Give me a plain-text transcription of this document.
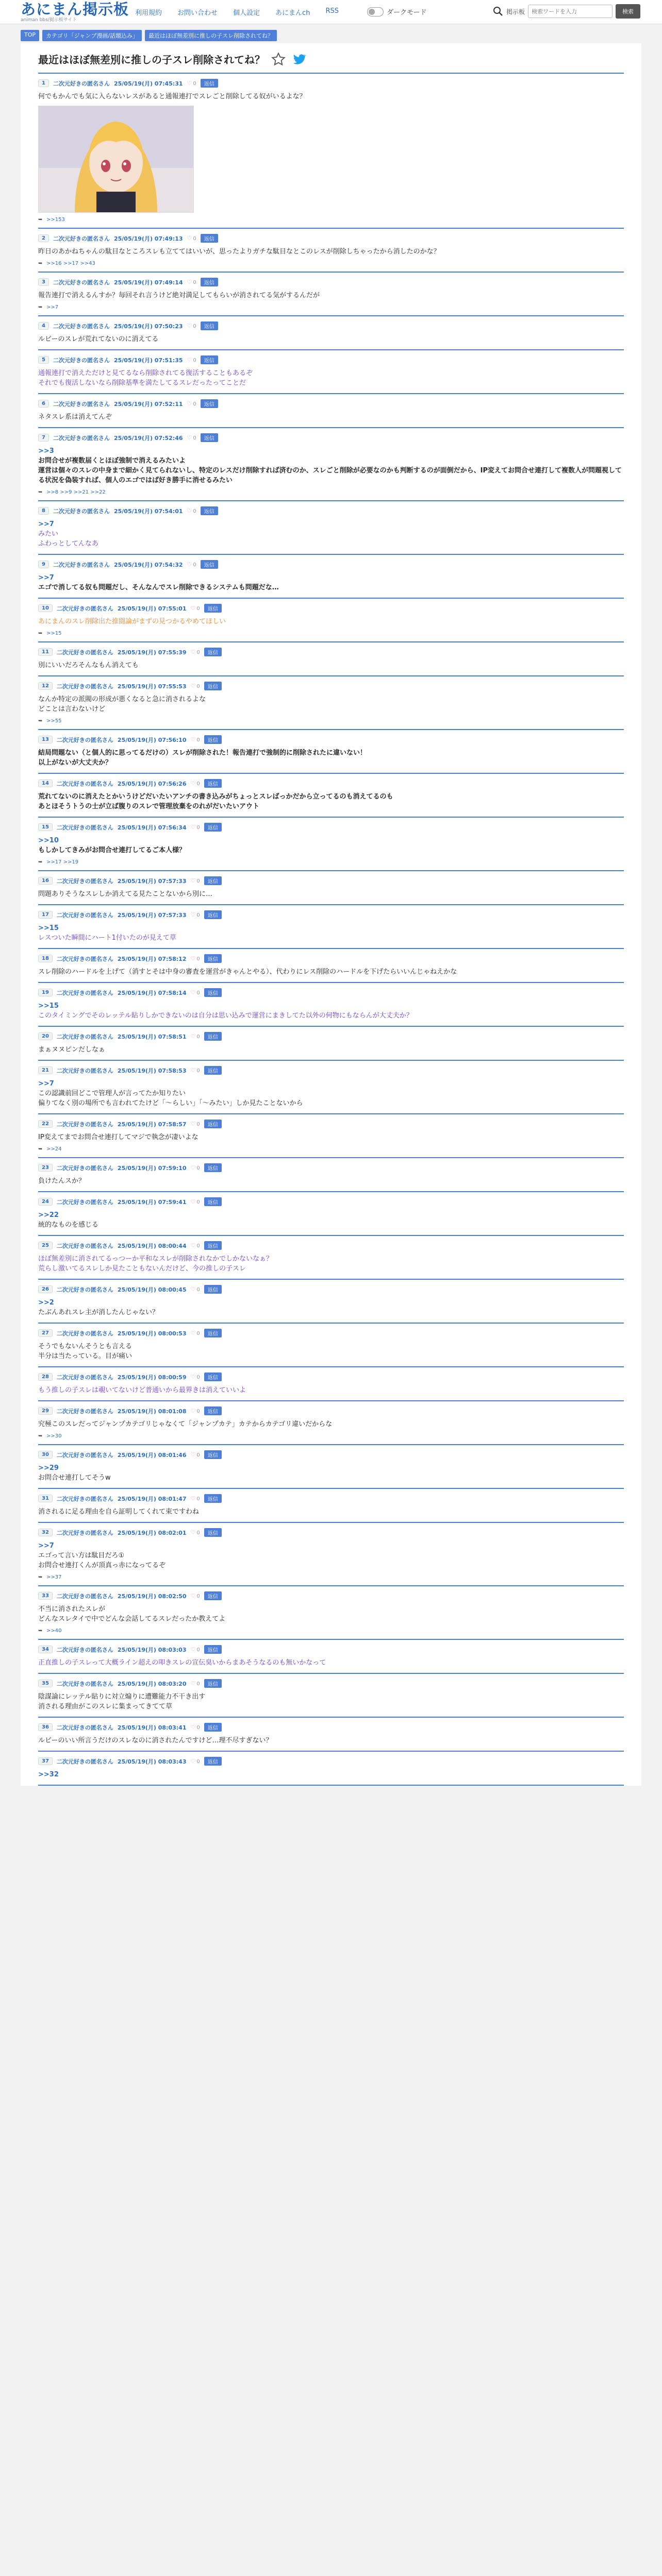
あにまん掲示板
animan bbs/掲示板サイト
利用規約 お問い合わせ 個人設定 あにまんch RSS	ダークモード	掲示板
検索ワードを入力	検索
TOP	カテゴリ「ジャンプ漫画/話題込み」	最近はほぼ無差別に推しの子スレ削除されてね？
最近はほぼ無差別に推しの子スレ削除されてね？
1	二次元好きの匿名さん 25/05/19(月) 07:45:31 ♡ 0	返信
何でもかんでも気に入らないレスがあると通報連打でスレごと削除してる奴がいるよな？
➥ >>153
2	二次元好きの匿名さん 25/05/19(月) 07:49:13 ♡ 0	返信
昨日のあかねちゃんの駄目なところスレも立ててはいいが、思ったよりガチな駄目なとこのレスが削除しちゃったから消したのかな？
➥ >>16 >>17 >>43
3	二次元好きの匿名さん 25/05/19(月) 07:49:14 ♡ 0	返信
報告連打で消えるんすか？毎回それ言うけど絶対満足してもらいが消されてる気がするんだが
➥ >>7
4	二次元好きの匿名さん 25/05/19(月) 07:50:23 ♡ 0	返信
ルビーのスレが荒れてないのに消えてる
5	二次元好きの匿名さん 25/05/19(月) 07:51:35 ♡ 0	返信
通報連打で消えただけと見てるなら削除されてる復活することもあるぞ
それでも復活しないなら削除基準を満たしてるスレだったってことだ
6	二次元好きの匿名さん 25/05/19(月) 07:52:11 ♡ 0	返信
ネタスレ系は消えてんぞ
7	二次元好きの匿名さん 25/05/19(月) 07:52:46 ♡ 0	返信
>>3
お問合せが複数届くとほぼ強制で消えるみたいよ
運営は個々のスレの中身まで細かく見てられないし、特定のレスだけ削除すれば済むのか、スレごと削除が必要なのかも判断するのが面倒だから、IP変えてお問合せ連打して複数人が問題視してる状況を偽装すれば、個人のエゴではば好き勝手に消せるみたい
➥ >>8 >>9 >>21 >>22
8	二次元好きの匿名さん 25/05/19(月) 07:54:01 ♡ 0	返信
>>7
みたい
ふわっとしてんなあ
9	二次元好きの匿名さん 25/05/19(月) 07:54:32 ♡ 0	返信
>>7
エゴで消してる奴も問題だし、そんなんでスレ削除できるシステムも問題だな…
10	二次元好きの匿名さん 25/05/19(月) 07:55:01 ♡ 0	返信
あにまんのスレ削除出た推闘論がまずの見つかるやめてほしい
➥ >>15
11	二次元好きの匿名さん 25/05/19(月) 07:55:39 ♡ 0	返信
別にいいだろそんなもん消えても
12	二次元好きの匿名さん 25/05/19(月) 07:55:53 ♡ 0	返信
なんか特定の派閥の形成が悪くなると急に消されるよな
どことは言わないけど
➥ >>55
13	二次元好きの匿名さん 25/05/19(月) 07:56:10 ♡ 0	返信
結局問題ない（と個人的に思ってるだけの）スレが削除された！報告連打で強制的に削除されたに違いない！
以上がないが大丈夫か？
14	二次元好きの匿名さん 25/05/19(月) 07:56:26 ♡ 0	返信
荒れてないのに消えたとかいうけどだいたいアンチの書き込みがちょっとスレばっかだから立ってるのも消えてるのも
あとほそうトうの士が立ば腹りのスレで管理放棄をのれがだいたいアウト
15	二次元好きの匿名さん 25/05/19(月) 07:56:34 ♡ 0	返信
>>10
もしかしてきみがお問合せ連打してるご本人様？
➥ >>17 >>19
16	二次元好きの匿名さん 25/05/19(月) 07:57:33 ♡ 0	返信
問題ありそうなスレしか消えてる見たことないから別に…
17	二次元好きの匿名さん 25/05/19(月) 07:57:33 ♡ 0	返信
>>15
レスついた瞬間にハート1付いたのが見えて草
18	二次元好きの匿名さん 25/05/19(月) 07:58:12 ♡ 0	返信
スレ削除のハードルを上げて（消すとそは中身の審査を運営がきゃんとやる）、代わりにレス削除のハードルを下げたらいいんじゃねえかな
19	二次元好きの匿名さん 25/05/19(月) 07:58:14 ♡ 0	返信
>>15
このタイミングでそのレッテル貼りしかできないのは自分は思い込みで運営にまきしてた以外の何物にもならんが大丈夫か？
20	二次元好きの匿名さん 25/05/19(月) 07:58:51 ♡ 0	返信
まぁヌヌピンだしなぁ
21	二次元好きの匿名さん 25/05/19(月) 07:58:53 ♡ 0	返信
>>7
この認識前回どこで管理人が言ってたか知りたい
偏りてなく別の場所でも言われてたけど「～らしい」「～みたい」しか見たことないから
22	二次元好きの匿名さん 25/05/19(月) 07:58:57 ♡ 0	返信
IP変えてまでお問合せ連打してマジで執念が凄いよな
➥ >>24
23	二次元好きの匿名さん 25/05/19(月) 07:59:10 ♡ 0	返信
負けたんスか？
24	二次元好きの匿名さん 25/05/19(月) 07:59:41 ♡ 0	返信
>>22
統的なものを感じる
25	二次元好きの匿名さん 25/05/19(月) 08:00:44 ♡ 0	返信
ほぼ無差別に消されてるっつーか平和なスレが削除されなかでしかないなぁ？
荒らし激いてるスレしか見たこともないんだけど、今の推しの子スレ
26	二次元好きの匿名さん 25/05/19(月) 08:00:45 ♡ 0	返信
>>2
たぶんあれスレ主が消したんじゃない？
27	二次元好きの匿名さん 25/05/19(月) 08:00:53 ♡ 0	返信
そうでもないんそうとも言える
半分は当たっている。目が痛い
28	二次元好きの匿名さん 25/05/19(月) 08:00:59 ♡ 0	返信
もう推しの子スレは覗いてないけど普通いから最界きは消えていいよ
29	二次元好きの匿名さん 25/05/19(月) 08:01:08 ♡ 0	返信
究極このスレだってジャンプカテゴリじゃなくて「ジャンプカテ」カテからカテゴリ違いだからな
➥ >>30
30	二次元好きの匿名さん 25/05/19(月) 08:01:46 ♡ 0	返信
>>29
お問合せ連打してそうw
31	二次元好きの匿名さん 25/05/19(月) 08:01:47 ♡ 0	返信
消されるに足る理由を自ら証明してくれて束ですわね
32	二次元好きの匿名さん 25/05/19(月) 08:02:01 ♡ 0	返信
>>7
エゴって言い方は駄目だろ①
お問合せ連打くんが頂真っ赤になってるぞ
➥ >>37
33	二次元好きの匿名さん 25/05/19(月) 08:02:50 ♡ 0	返信
不当に消されたスレが
どんなスレタイで中でどんな会話してるスレだったか教えてよ
➥ >>40
34	二次元好きの匿名さん 25/05/19(月) 08:03:03 ♡ 0	返信
正直推しの子スレって大概ライン超えの叩きスレの宣伝臭いからまあそうなるのも無いかなって
35	二次元好きの匿名さん 25/05/19(月) 08:03:20 ♡ 0	返信
陰謀論にレッテル貼りに対立煽りに遭難能力不干き出す
消される理由がこのスレに集まってきてて草
36	二次元好きの匿名さん 25/05/19(月) 08:03:41 ♡ 0	返信
ルビーのいい所言うだけのスレなのに消されたんですけど…理不尽すぎない？
37	二次元好きの匿名さん 25/05/19(月) 08:03:43 ♡ 0	返信
>>32
